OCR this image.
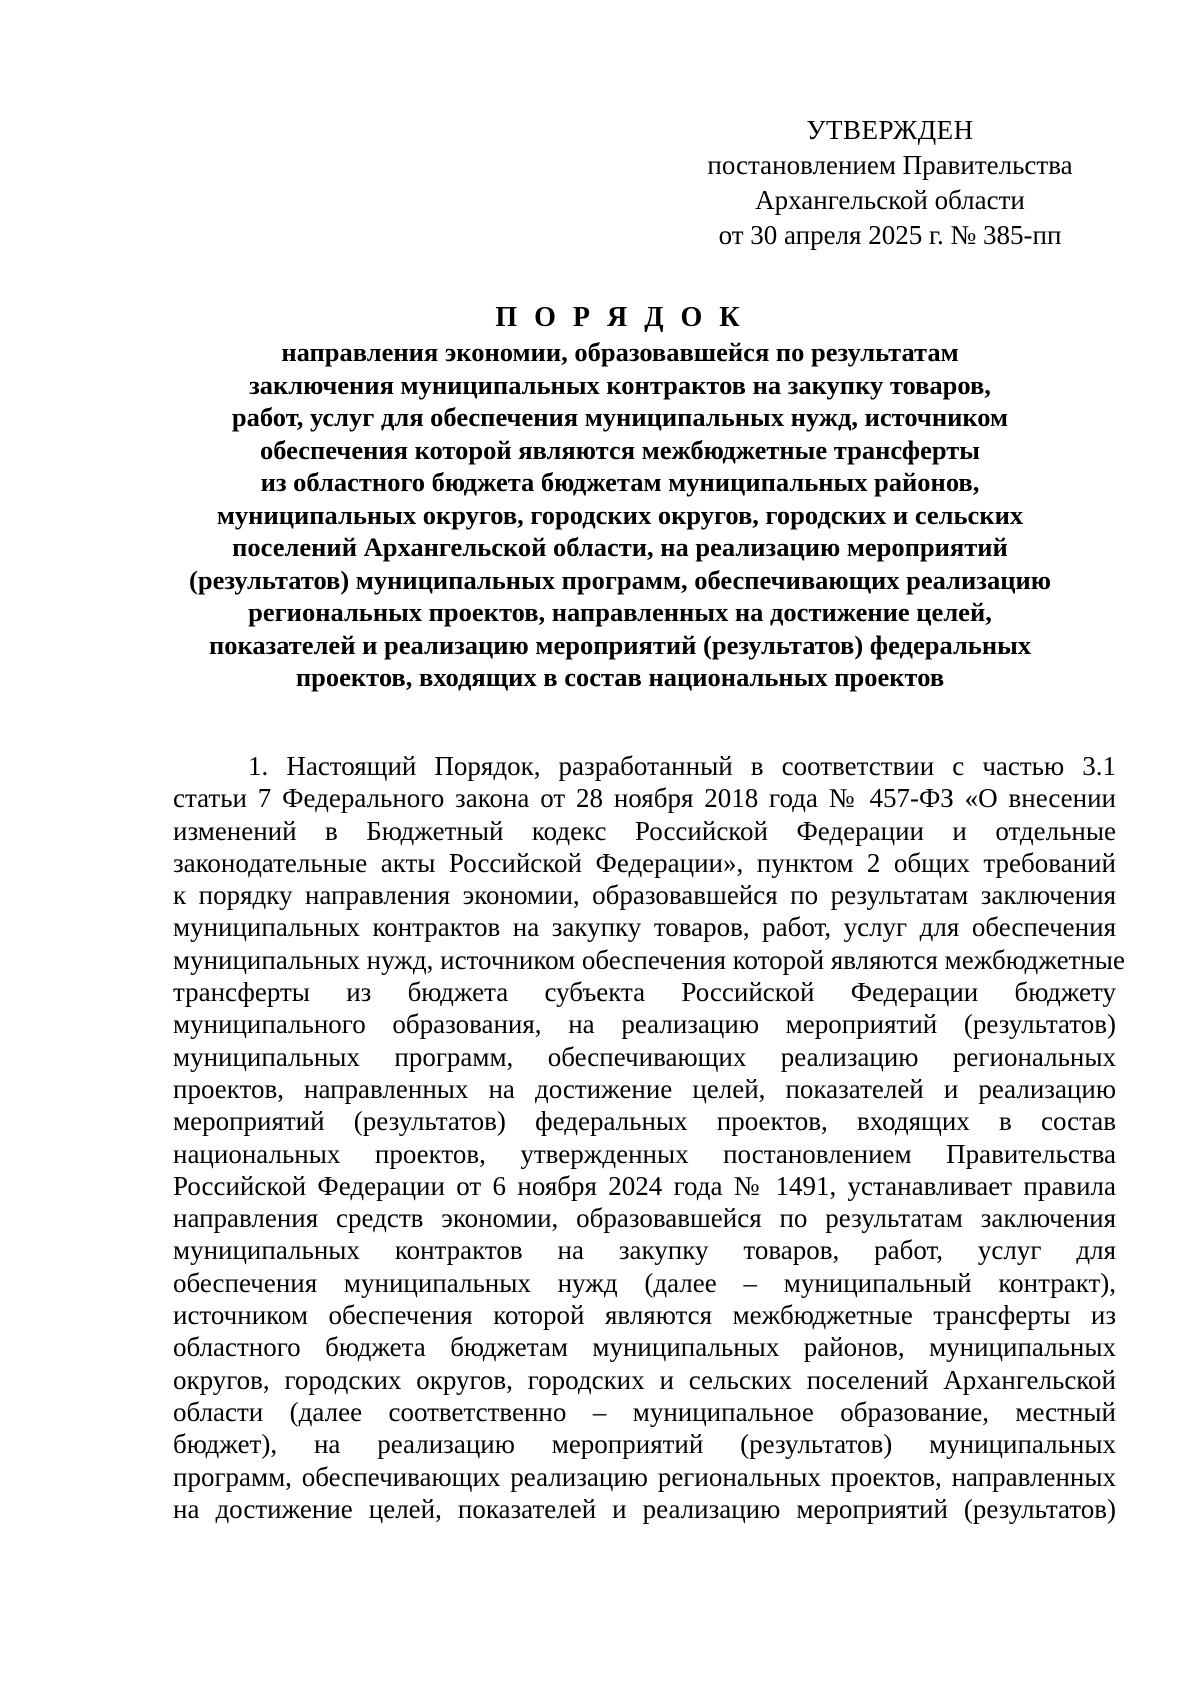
УТВЕРЖДЕН
постановлением Правительства
Архангельской области
от 30 апреля 2025 г. № 385-пп
П О Р Я Д О К
направления экономии, образовавшейся по результатам
заключения муниципальных контрактов на закупку товаров,
работ, услуг для обеспечения муниципальных нужд, источником
обеспечения которой являются межбюджетные трансферты
из областного бюджета бюджетам муниципальных районов,
муниципальных округов, городских округов, городских и сельских
поселений Архангельской области, на реализацию мероприятий
(результатов) муниципальных программ, обеспечивающих реализацию
региональных проектов, направленных на достижение целей,
показателей и реализацию мероприятий (результатов) федеральных
проектов, входящих в состав национальных проектов
1. Настоящий Порядок, разработанный в соответствии с частью 3.1
статьи 7 Федерального закона от 28 ноября 2018 года № 457-ФЗ «О внесении
изменений в Бюджетный кодекс Российской Федерации и отдельные
законодательные акты Российской Федерации», пунктом 2 общих требований
к порядку направления экономии, образовавшейся по результатам заключения
муниципальных контрактов на закупку товаров, работ, услуг для обеспечения
муниципальных нужд, источником обеспечения которой являются межбюджетные
трансферты из бюджета субъекта Российской Федерации бюджету
муниципального образования, на реализацию мероприятий (результатов)
муниципальных программ, обеспечивающих реализацию региональных
проектов, направленных на достижение целей, показателей и реализацию
мероприятий (результатов) федеральных проектов, входящих в состав
национальных проектов, утвержденных постановлением Правительства
Российской Федерации от 6 ноября 2024 года № 1491, устанавливает правила
направления средств экономии, образовавшейся по результатам заключения
муниципальных контрактов на закупку товаров, работ, услуг для
обеспечения муниципальных нужд (далее – муниципальный контракт),
источником обеспечения которой являются межбюджетные трансферты из
областного бюджета бюджетам муниципальных районов, муниципальных
округов, городских округов, городских и сельских поселений Архангельской
области (далее соответственно – муниципальное образование, местный
бюджет), на реализацию мероприятий (результатов) муниципальных
программ, обеспечивающих реализацию региональных проектов, направленных
на достижение целей, показателей и реализацию мероприятий (результатов)
